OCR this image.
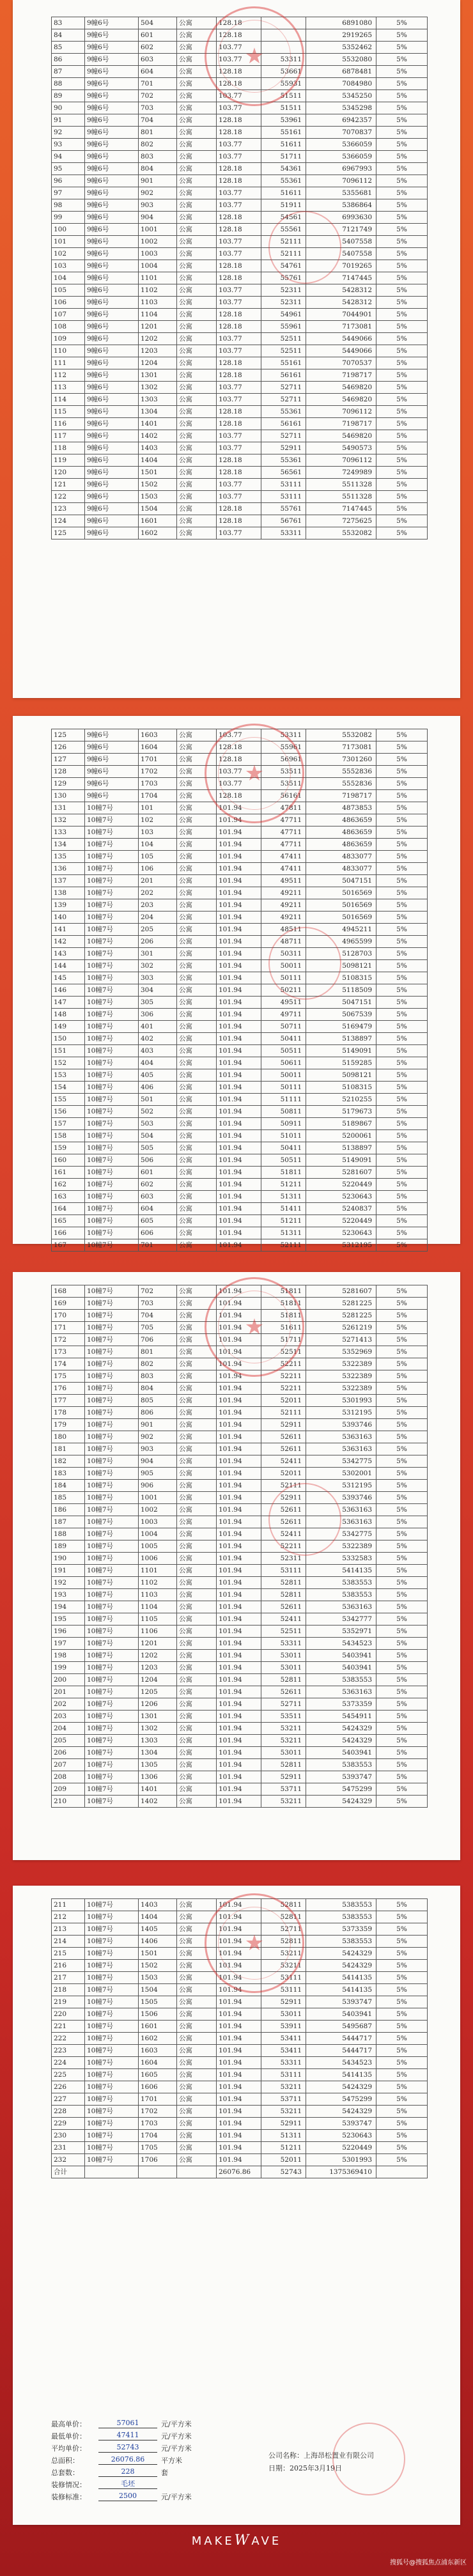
83	9幢6号	504	公寓	128.18		6891080	5%
84	9幢6号	601	公寓	128.18		2919265	5%
85	9幢6号	602	公寓	103.77		5352462	5%
86	9幢6号	603	公寓	103.77	53311	5532080	5%
87	9幢6号	604	公寓	128.18	53661	6878481	5%
88	9幢6号	701	公寓	128.18	55931	7084980	5%
89	9幢6号	702	公寓	103.77	51511	5345250	5%
90	9幢6号	703	公寓	103.77	51511	5345298	5%
91	9幢6号	704	公寓	128.18	53961	6942357	5%
92	9幢6号	801	公寓	128.18	55161	7070837	5%
93	9幢6号	802	公寓	103.77	51611	5366059	5%
94	9幢6号	803	公寓	103.77	51711	5366059	5%
95	9幢6号	804	公寓	128.18	54361	6967993	5%
96	9幢6号	901	公寓	128.18	55361	7096112	5%
97	9幢6号	902	公寓	103.77	51611	5355681	5%
98	9幢6号	903	公寓	103.77	51911	5386864	5%
99	9幢6号	904	公寓	128.18	54561	6993630	5%
100	9幢6号	1001	公寓	128.18	55561	7121749	5%
101	9幢6号	1002	公寓	103.77	52111	5407558	5%
102	9幢6号	1003	公寓	103.77	52111	5407558	5%
103	9幢6号	1004	公寓	128.18	54761	7019265	5%
104	9幢6号	1101	公寓	128.18	55761	7147445	5%
105	9幢6号	1102	公寓	103.77	52311	5428312	5%
106	9幢6号	1103	公寓	103.77	52311	5428312	5%
107	9幢6号	1104	公寓	128.18	54961	7044901	5%
108	9幢6号	1201	公寓	128.18	55961	7173081	5%
109	9幢6号	1202	公寓	103.77	52511	5449066	5%
110	9幢6号	1203	公寓	103.77	52511	5449066	5%
111	9幢6号	1204	公寓	128.18	55161	7070537	5%
112	9幢6号	1301	公寓	128.18	56161	7198717	5%
113	9幢6号	1302	公寓	103.77	52711	5469820	5%
114	9幢6号	1303	公寓	103.77	52711	5469820	5%
115	9幢6号	1304	公寓	128.18	55361	7096112	5%
116	9幢6号	1401	公寓	128.18	56161	7198717	5%
117	9幢6号	1402	公寓	103.77	52711	5469820	5%
118	9幢6号	1403	公寓	103.77	52911	5490573	5%
119	9幢6号	1404	公寓	128.18	55361	7096112	5%
120	9幢6号	1501	公寓	128.18	56561	7249989	5%
121	9幢6号	1502	公寓	103.77	53111	5511328	5%
122	9幢6号	1503	公寓	103.77	53111	5511328	5%
123	9幢6号	1504	公寓	128.18	55761	7147445	5%
124	9幢6号	1601	公寓	128.18	56761	7275625	5%
125	9幢6号	1602	公寓	103.77	53311	5532082	5%
★
125	9幢6号	1603	公寓	103.77	53311	5532082	5%
126	9幢6号	1604	公寓	128.18	55961	7173081	5%
127	9幢6号	1701	公寓	128.18	56961	7301260	5%
128	9幢6号	1702	公寓	103.77	53511	5552836	5%
129	9幢6号	1703	公寓	103.77	53511	5552836	5%
130	9幢6号	1704	公寓	128.18	56161	7198717	5%
131	10幢7号	101	公寓	101.94	47811	4873853	5%
132	10幢7号	102	公寓	101.94	47711	4863659	5%
133	10幢7号	103	公寓	101.94	47711	4863659	5%
134	10幢7号	104	公寓	101.94	47711	4863659	5%
135	10幢7号	105	公寓	101.94	47411	4833077	5%
136	10幢7号	106	公寓	101.94	47411	4833077	5%
137	10幢7号	201	公寓	101.94	49511	5047151	5%
138	10幢7号	202	公寓	101.94	49211	5016569	5%
139	10幢7号	203	公寓	101.94	49211	5016569	5%
140	10幢7号	204	公寓	101.94	49211	5016569	5%
141	10幢7号	205	公寓	101.94	48511	4945211	5%
142	10幢7号	206	公寓	101.94	48711	4965599	5%
143	10幢7号	301	公寓	101.94	50311	5128703	5%
144	10幢7号	302	公寓	101.94	50011	5098121	5%
145	10幢7号	303	公寓	101.94	50111	5108315	5%
146	10幢7号	304	公寓	101.94	50211	5118509	5%
147	10幢7号	305	公寓	101.94	49511	5047151	5%
148	10幢7号	306	公寓	101.94	49711	5067539	5%
149	10幢7号	401	公寓	101.94	50711	5169479	5%
150	10幢7号	402	公寓	101.94	50411	5138897	5%
151	10幢7号	403	公寓	101.94	50511	5149091	5%
152	10幢7号	404	公寓	101.94	50611	5159285	5%
153	10幢7号	405	公寓	101.94	50011	5098121	5%
154	10幢7号	406	公寓	101.94	50111	5108315	5%
155	10幢7号	501	公寓	101.94	51111	5210255	5%
156	10幢7号	502	公寓	101.94	50811	5179673	5%
157	10幢7号	503	公寓	101.94	50911	5189867	5%
158	10幢7号	504	公寓	101.94	51011	5200061	5%
159	10幢7号	505	公寓	101.94	50411	5138897	5%
160	10幢7号	506	公寓	101.94	50511	5149091	5%
161	10幢7号	601	公寓	101.94	51811	5281607	5%
162	10幢7号	602	公寓	101.94	51211	5220449	5%
163	10幢7号	603	公寓	101.94	51311	5230643	5%
164	10幢7号	604	公寓	101.94	51411	5240837	5%
165	10幢7号	605	公寓	101.94	51211	5220449	5%
166	10幢7号	606	公寓	101.94	51311	5230643	5%
167	10幢7号	701	公寓	101.94	52111	5312195	5%
★
168	10幢7号	702	公寓	101.94	51811	5281607	5%
169	10幢7号	703	公寓	101.94	51811	5281225	5%
170	10幢7号	704	公寓	101.94	51811	5281225	5%
171	10幢7号	705	公寓	101.94	51611	5261219	5%
172	10幢7号	706	公寓	101.94	51711	5271413	5%
173	10幢7号	801	公寓	101.94	52511	5352969	5%
174	10幢7号	802	公寓	101.94	52211	5322389	5%
175	10幢7号	803	公寓	101.94	52211	5322389	5%
176	10幢7号	804	公寓	101.94	52211	5322389	5%
177	10幢7号	805	公寓	101.94	52011	5301993	5%
178	10幢7号	806	公寓	101.94	52111	5312195	5%
179	10幢7号	901	公寓	101.94	52911	5393746	5%
180	10幢7号	902	公寓	101.94	52611	5363163	5%
181	10幢7号	903	公寓	101.94	52611	5363163	5%
182	10幢7号	904	公寓	101.94	52411	5342775	5%
183	10幢7号	905	公寓	101.94	52011	5302001	5%
184	10幢7号	906	公寓	101.94	52111	5312195	5%
185	10幢7号	1001	公寓	101.94	52911	5393746	5%
186	10幢7号	1002	公寓	101.94	52611	5363163	5%
187	10幢7号	1003	公寓	101.94	52611	5363163	5%
188	10幢7号	1004	公寓	101.94	52411	5342775	5%
189	10幢7号	1005	公寓	101.94	52211	5322389	5%
190	10幢7号	1006	公寓	101.94	52311	5332583	5%
191	10幢7号	1101	公寓	101.94	53111	5414135	5%
192	10幢7号	1102	公寓	101.94	52811	5383553	5%
193	10幢7号	1103	公寓	101.94	52811	5383553	5%
194	10幢7号	1104	公寓	101.94	52611	5363163	5%
195	10幢7号	1105	公寓	101.94	52411	5342777	5%
196	10幢7号	1106	公寓	101.94	52511	5352971	5%
197	10幢7号	1201	公寓	101.94	53311	5434523	5%
198	10幢7号	1202	公寓	101.94	53011	5403941	5%
199	10幢7号	1203	公寓	101.94	53011	5403941	5%
200	10幢7号	1204	公寓	101.94	52811	5383553	5%
201	10幢7号	1205	公寓	101.94	52611	5363163	5%
202	10幢7号	1206	公寓	101.94	52711	5373359	5%
203	10幢7号	1301	公寓	101.94	53511	5454911	5%
204	10幢7号	1302	公寓	101.94	53211	5424329	5%
205	10幢7号	1303	公寓	101.94	53211	5424329	5%
206	10幢7号	1304	公寓	101.94	53011	5403941	5%
207	10幢7号	1305	公寓	101.94	52811	5383553	5%
208	10幢7号	1306	公寓	101.94	52911	5393747	5%
209	10幢7号	1401	公寓	101.94	53711	5475299	5%
210	10幢7号	1402	公寓	101.94	53211	5424329	5%
★
211	10幢7号	1403	公寓	101.94	52811	5383553	5%
212	10幢7号	1404	公寓	101.94	52811	5383553	5%
213	10幢7号	1405	公寓	101.94	52711	5373359	5%
214	10幢7号	1406	公寓	101.94	52811	5383553	5%
215	10幢7号	1501	公寓	101.94	53211	5424329	5%
216	10幢7号	1502	公寓	101.94	53211	5424329	5%
217	10幢7号	1503	公寓	101.94	53111	5414135	5%
218	10幢7号	1504	公寓	101.94	53111	5414135	5%
219	10幢7号	1505	公寓	101.94	52911	5393747	5%
220	10幢7号	1506	公寓	101.94	53011	5403941	5%
221	10幢7号	1601	公寓	101.94	53911	5495687	5%
222	10幢7号	1602	公寓	101.94	53411	5444717	5%
223	10幢7号	1603	公寓	101.94	53411	5444717	5%
224	10幢7号	1604	公寓	101.94	53311	5434523	5%
225	10幢7号	1605	公寓	101.94	53111	5414135	5%
226	10幢7号	1606	公寓	101.94	53211	5424329	5%
227	10幢7号	1701	公寓	101.94	53711	5475299	5%
228	10幢7号	1702	公寓	101.94	53211	5424329	5%
229	10幢7号	1703	公寓	101.94	52911	5393747	5%
230	10幢7号	1704	公寓	101.94	51311	5230643	5%
231	10幢7号	1705	公寓	101.94	51211	5220449	5%
232	10幢7号	1706	公寓	101.94	52011	5301993	5%
合计				26076.86	52743	1375369410	
★
最高单价：	57061	元/平方米
最低单价：	47411	元/平方米
平均单价：	52743	元/平方米
总面积：	26076.86	平方米
总套数：	228	套
装修情况：	毛坯
装修标准：	2500	元/平方米
公司名称： 上海昂松置业有限公司
日期： 2025年3月19日
MAKEWAVE
搜狐号@搜狐焦点浦东新区
